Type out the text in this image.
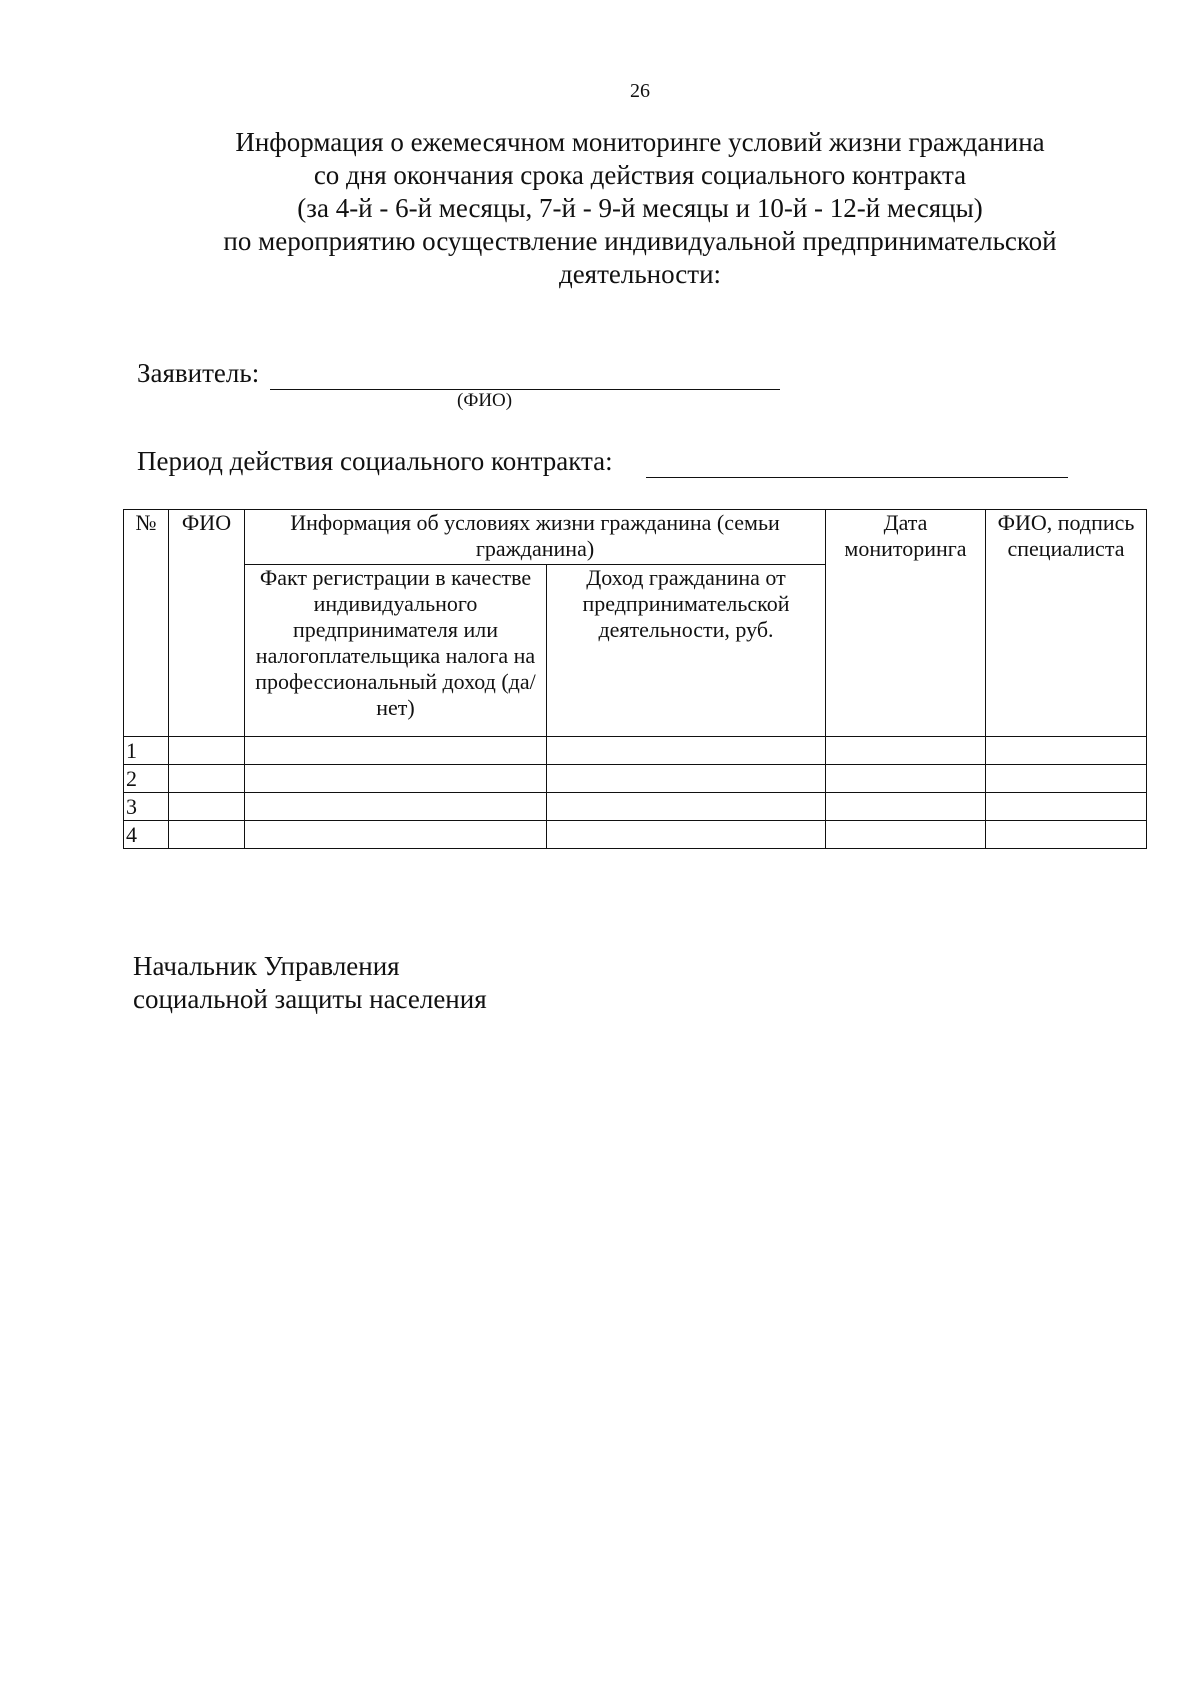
26
Информация о ежемесячном мониторинге условий жизни гражданина
со дня окончания срока действия социального контракта
(за 4-й - 6-й месяцы, 7-й - 9-й месяцы и 10-й - 12-й месяцы)
по мероприятию осуществление индивидуальной предпринимательской
деятельности:
Заявитель:
(ФИО)
Период действия социального контракта:
№	ФИО	Информация об условиях жизни гражданина (семьи гражданина)		Дата мониторинга	ФИО, подпись специалиста
		Факт регистрации в качестве индивидуального предпринимателя или налогоплательщика налога на профессиональный доход (да/нет)	Доход гражданина от предпринимательской деятельности, руб.		
1					
2					
3					
4					
Начальник Управления
социальной защиты населения
